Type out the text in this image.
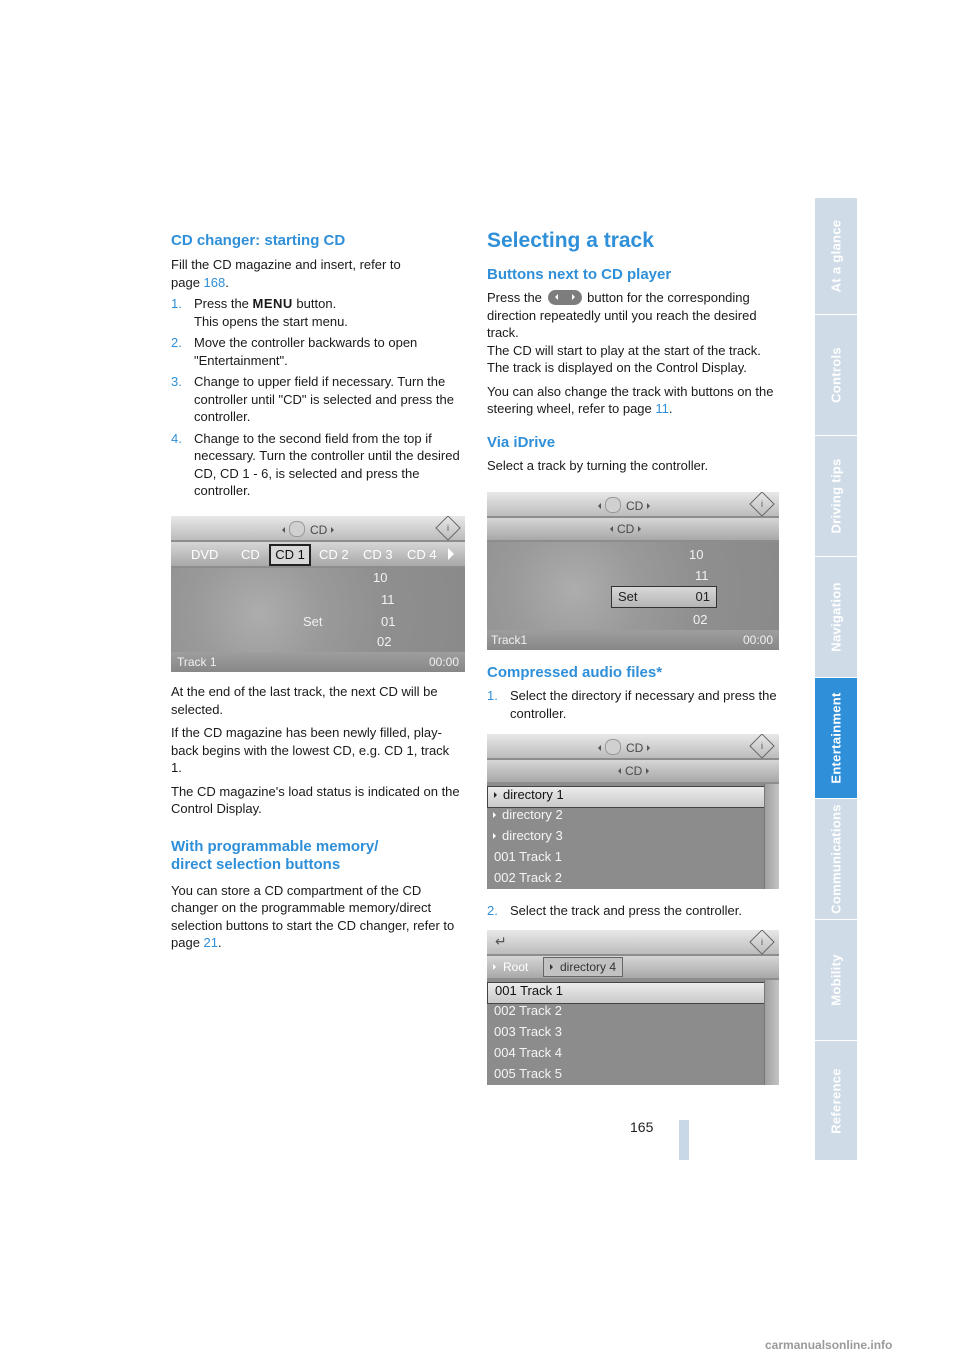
CD changer: starting CD

Fill the CD magazine and insert, refer to
page 168.

1. Press the MENU button.
This opens the start menu.
2. Move the controller backwards to open "Entertainment".
3. Change to upper field if necessary. Turn the controller until "CD" is selected and press the controller.
4. Change to the second field from the top if necessary. Turn the controller until the desired CD, CD 1 - 6, is selected and press the controller.
CD	i
DVD CD	CD 1	CD 2 CD 3 CD 4
10
11
Set	01
02
Track 1	00:00

At the end of the last track, the next CD will be selected.

If the CD magazine has been newly filled, play-back begins with the lowest CD, e.g. CD 1, track 1.

The CD magazine's load status is indicated on the Control Display.

With programmable memory/
direct selection buttons

You can store a CD compartment of the CD changer on the programmable memory/direct selection buttons to start the CD changer, refer to page 21.

Selecting a track
Buttons next to CD player

Press the	button for the corresponding direction repeatedly until you reach the desired track.
The CD will start to play at the start of the track. The track is displayed on the Control Display.

You can also change the track with buttons on the steering wheel, refer to page 11.

Via iDrive

Select a track by turning the controller.

CD	i
CD
10
11
Set	01
02
Track1	00:00
Compressed audio files*
1. Select the directory if necessary and press the controller.
CD	i
CD
directory 1
directory 2
directory 3
001 Track 1
002 Track 2
2. Select the track and press the controller.
↵	i
Root	directory 4
001 Track 1
002 Track 2
003 Track 3
004 Track 4
005 Track 5
At a glance
Controls
Driving tips
Navigation
Entertainment
Communications
Mobility
Reference
165
carmanualsonline.info
